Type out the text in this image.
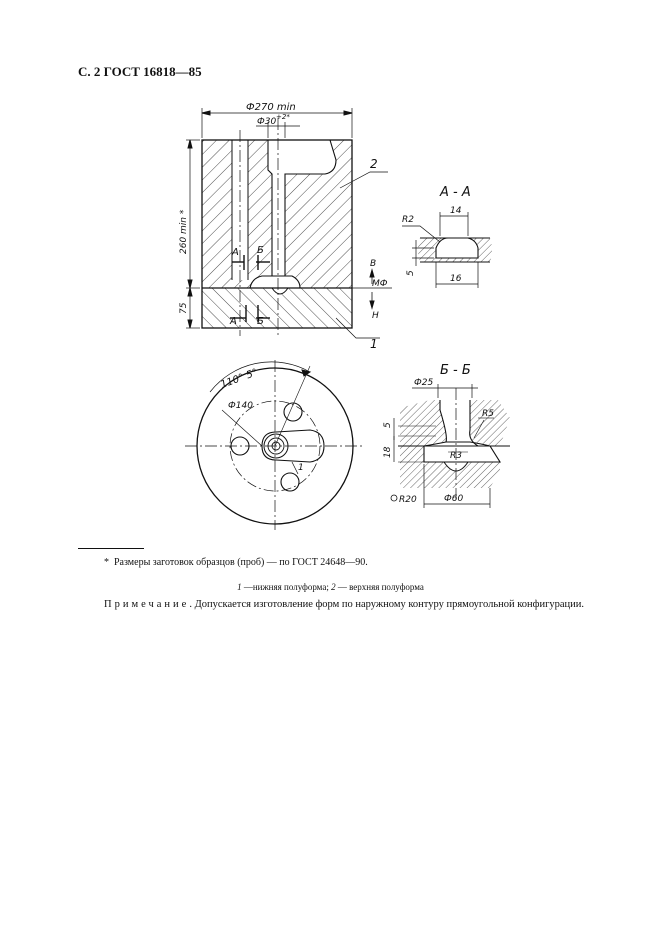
С. 2 ГОСТ 16818—85
Ф270 min
Ф30 +2*
260 min *
75
2
1
А Б
А Б
В
МФ
Н
А - А
14
R2
5
16
110° 5°
Ф140
1
Б - Б
Ф25
R5
5
18	R3
R20	Ф60
* Размеры заготовок образцов (проб) — по ГОСТ 24648—90.
1 —нижняя полуформа; 2 — верхняя полуформа
Примечание. Допускается изготовление форм по наружному контуру прямоугольной конфигурации.
